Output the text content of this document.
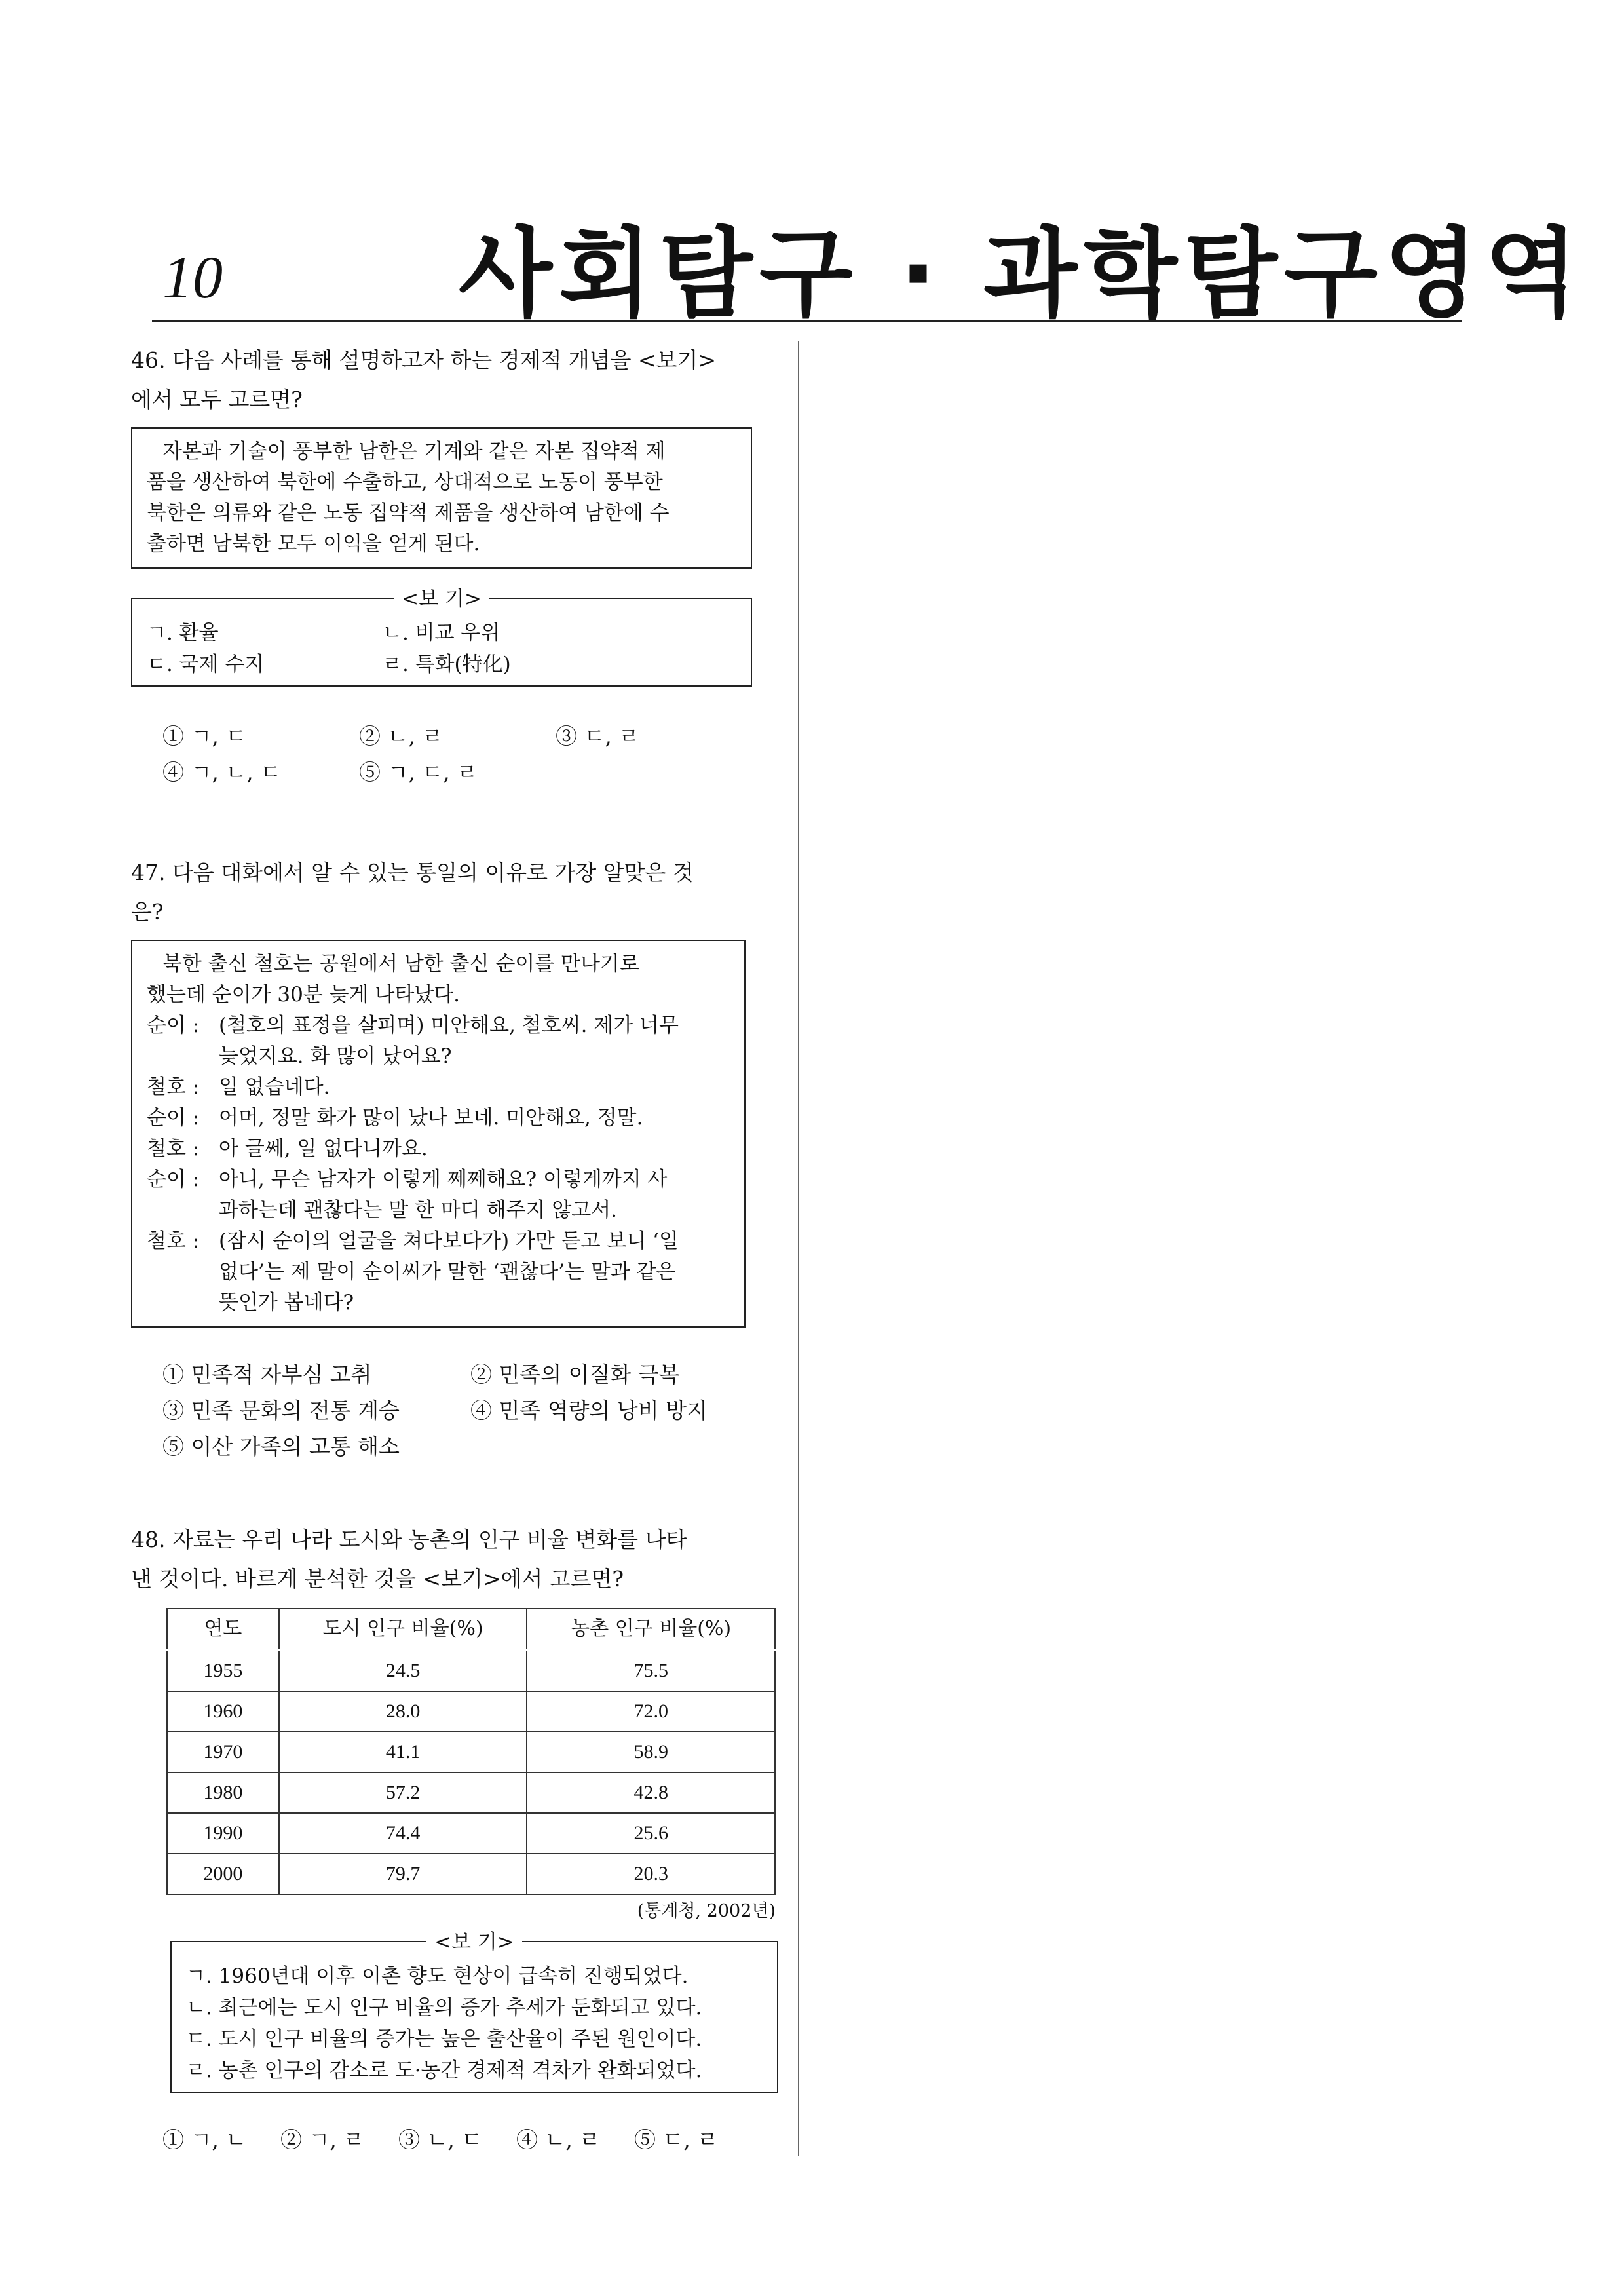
10 사회탐구 · 과학탐구영역
46. 다음 사례를 통해 설명하고자 하는 경제적 개념을 <보기>
에서 모두 고르면?
자본과 기술이 풍부한 남한은 기계와 같은 자본 집약적 제
품을 생산하여 북한에 수출하고, 상대적으로 노동이 풍부한
북한은 의류와 같은 노동 집약적 제품을 생산하여 남한에 수
출하면 남북한 모두 이익을 얻게 된다.
<보 기>
ㄱ. 환율	ㄴ. 비교 우위
ㄷ. 국제 수지	ㄹ. 특화(特化)
① ㄱ, ㄷ	② ㄴ, ㄹ	③ ㄷ, ㄹ
④ ㄱ, ㄴ, ㄷ	⑤ ㄱ, ㄷ, ㄹ
47. 다음 대화에서 알 수 있는 통일의 이유로 가장 알맞은 것
은?
북한 출신 철호는 공원에서 남한 출신 순이를 만나기로
했는데 순이가 30분 늦게 나타났다.
순이 : (철호의 표정을 살피며) 미안해요, 철호씨. 제가 너무
늦었지요. 화 많이 났어요?
철호 : 일 없습네다.
순이 : 어머, 정말 화가 많이 났나 보네. 미안해요, 정말.
철호 : 아 글쎄, 일 없다니까요.
순이 : 아니, 무슨 남자가 이렇게 쩨쩨해요? 이렇게까지 사
과하는데 괜찮다는 말 한 마디 해주지 않고서.
철호 : (잠시 순이의 얼굴을 쳐다보다가) 가만 듣고 보니 ‘일
없다’는 제 말이 순이씨가 말한 ‘괜찮다’는 말과 같은
뜻인가 봅네다?
① 민족적 자부심 고취	② 민족의 이질화 극복
③ 민족 문화의 전통 계승	④ 민족 역량의 낭비 방지
⑤ 이산 가족의 고통 해소
48. 자료는 우리 나라 도시와 농촌의 인구 비율 변화를 나타
낸 것이다. 바르게 분석한 것을 <보기>에서 고르면?
연도	도시 인구 비율(%)	농촌 인구 비율(%)
1955	24.5	75.5
1960	28.0	72.0
1970	41.1	58.9
1980	57.2	42.8
1990	74.4	25.6
2000	79.7	20.3
(통계청, 2002년)
<보 기>
ㄱ. 1960년대 이후 이촌 향도 현상이 급속히 진행되었다.
ㄴ. 최근에는 도시 인구 비율의 증가 추세가 둔화되고 있다.
ㄷ. 도시 인구 비율의 증가는 높은 출산율이 주된 원인이다.
ㄹ. 농촌 인구의 감소로 도·농간 경제적 격차가 완화되었다.
① ㄱ, ㄴ	② ㄱ, ㄹ	③ ㄴ, ㄷ	④ ㄴ, ㄹ	⑤ ㄷ, ㄹ
